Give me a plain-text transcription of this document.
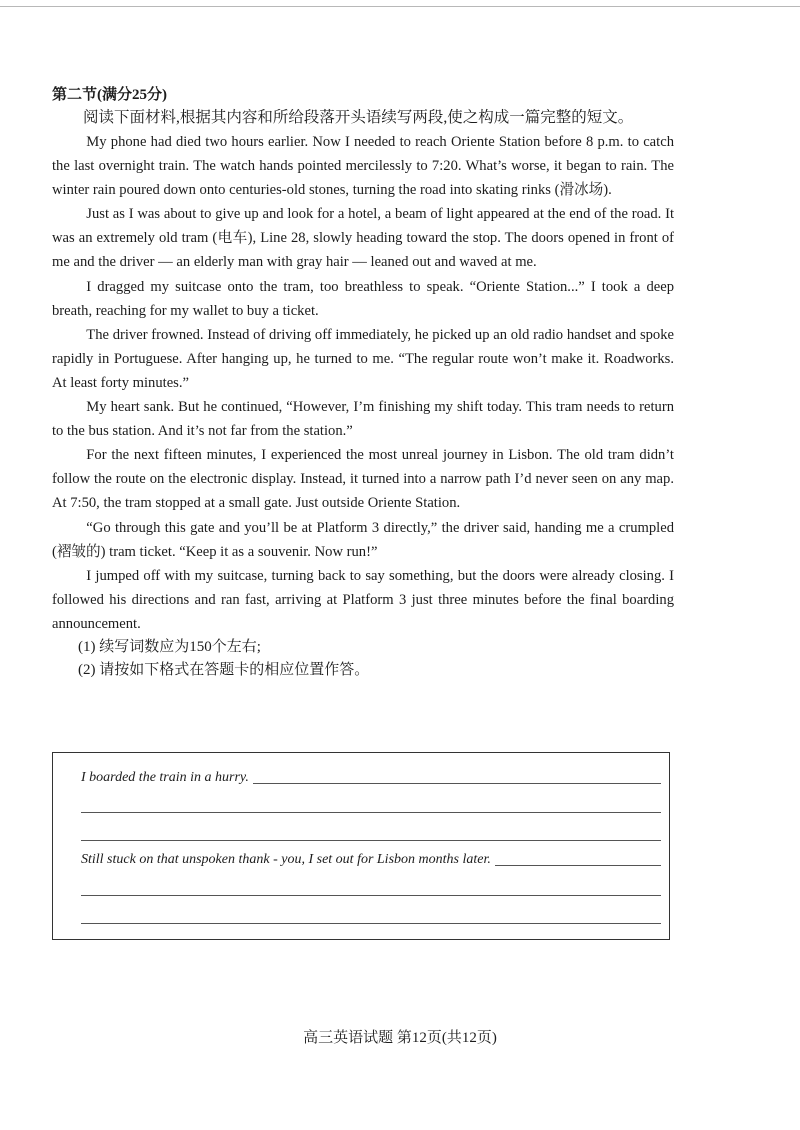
第二节(满分25分)

阅读下面材料,根据其内容和所给段落开头语续写两段,使之构成一篇完整的短文。

My phone had died two hours earlier. Now I needed to reach Oriente Station before 8 p.m. to catch the last overnight train. The watch hands pointed mercilessly to 7:20. What’s worse, it began to rain. The winter rain poured down onto centuries-old stones, turning the road into skating rinks (滑冰场).

Just as I was about to give up and look for a hotel, a beam of light appeared at the end of the road. It was an extremely old tram (电车), Line 28, slowly heading toward the stop. The doors opened in front of me and the driver — an elderly man with gray hair — leaned out and waved at me.

I dragged my suitcase onto the tram, too breathless to speak. “Oriente Station...” I took a deep breath, reaching for my wallet to buy a ticket.

The driver frowned. Instead of driving off immediately, he picked up an old radio handset and spoke rapidly in Portuguese. After hanging up, he turned to me. “The regular route won’t make it. Roadworks. At least forty minutes.”

My heart sank. But he continued, “However, I’m finishing my shift today. This tram needs to return to the bus station. And it’s not far from the station.”

For the next fifteen minutes, I experienced the most unreal journey in Lisbon. The old tram didn’t follow the route on the electronic display. Instead, it turned into a narrow path I’d never seen on any map. At 7:50, the tram stopped at a small gate. Just outside Oriente Station.

“Go through this gate and you’ll be at Platform 3 directly,” the driver said, handing me a crumpled (褶皱的) tram ticket. “Keep it as a souvenir. Now run!”

I jumped off with my suitcase, turning back to say something, but the doors were already closing. I followed his directions and ran fast, arriving at Platform 3 just three minutes before the final boarding announcement.

(1) 续写词数应为150个左右;

(2) 请按如下格式在答题卡的相应位置作答。

I boarded the train in a hurry.
Still stuck on that unspoken thank - you, I set out for Lisbon months later.
高三英语试题 第12页(共12页)
